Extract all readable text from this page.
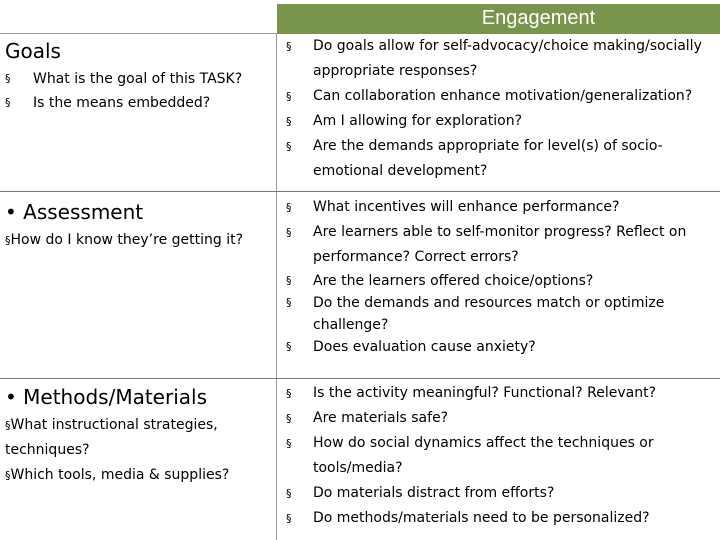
Engagement
Goals
§ What is the goal of this TASK?
§ Is the means embedded?
§ Do goals allow for self-advocacy/choice making/socially appropriate responses?
§ Can collaboration enhance motivation/generalization?
§ Am I allowing for exploration?
§ Are the demands appropriate for level(s) of socio-emotional development?
• Assessment
§How do I know they’re getting it?
§ What incentives will enhance performance?
§ Are learners able to self-monitor progress? Reflect on performance? Correct errors?
§ Are the learners offered choice/options?
§ Do the demands and resources match or optimize challenge?
§ Does evaluation cause anxiety?
• Methods/Materials
§What instructional strategies, techniques?
§Which tools, media & supplies?
§ Is the activity meaningful? Functional? Relevant?
§ Are materials safe?
§ How do social dynamics affect the techniques or tools/media?
§ Do materials distract from efforts?
§ Do methods/materials need to be personalized?
